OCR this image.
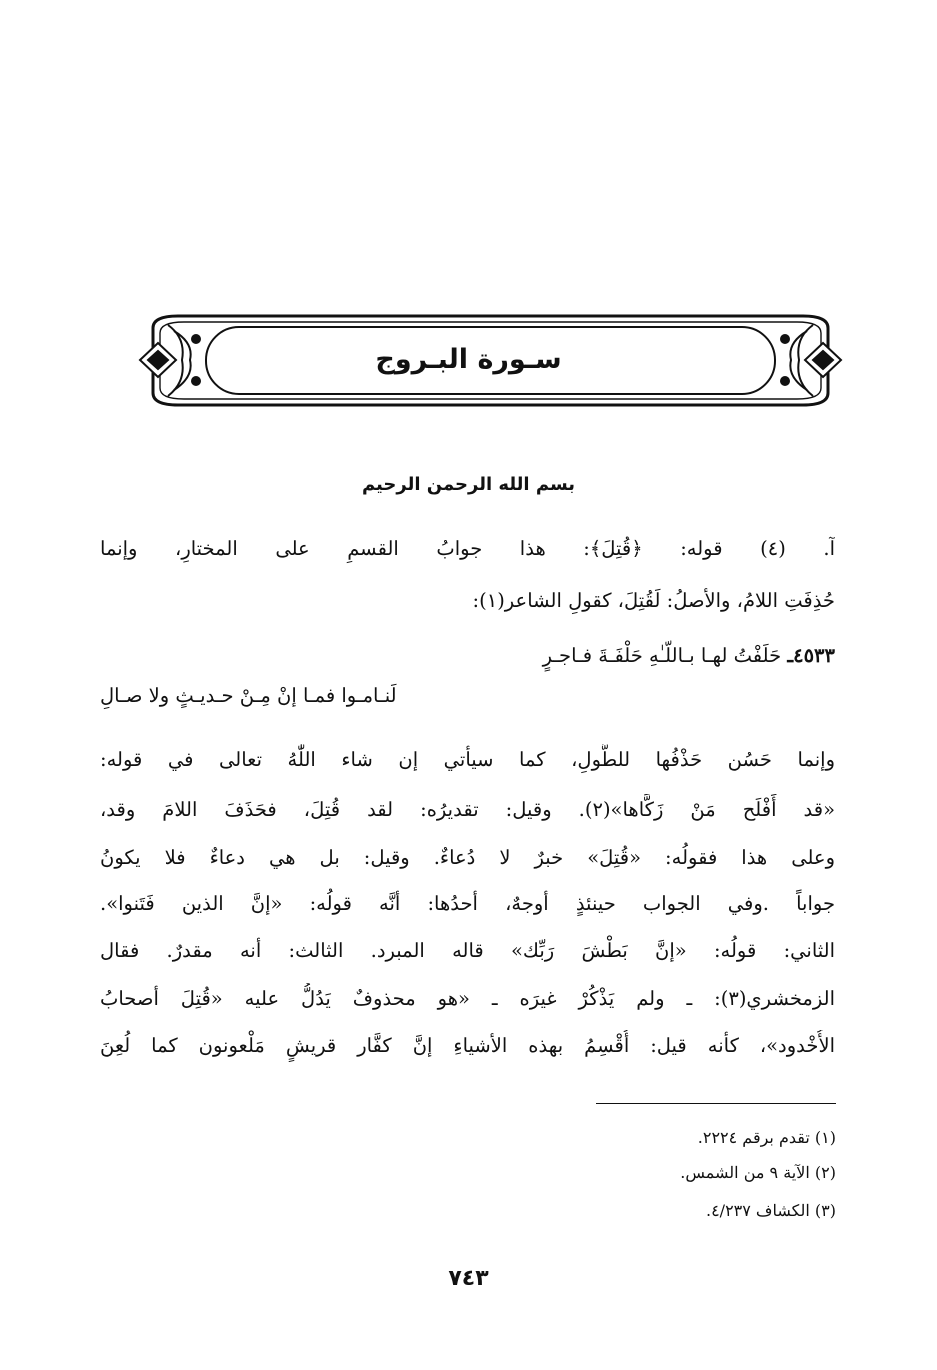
سـورة البـروج
بسم الله الرحمن الرحيم
آ. (٤) قوله: ﴿قُتِلَ﴾: هذا جوابُ القسمِ على المختارِ، وإنما
حُذِفَتِ اللامُ، والأصلُ: لَقُتِلَ، كقولِ الشاعر(١):
٤٥٣٣ـ حَلَفْتُ لهـا بـاللّـٰهِ حَلْفَـةَ فـاجـرٍ
لَنـامـوا فمـا إنْ مِـنْ حـديـثٍ ولا صـالِ
وإنما حَسُن حَذْفُها للطُّولِ، كما سيأتي إن شاء اللّٰهُ تعالى في قوله:
«قد أَفْلَح مَنْ زَكَّاها»(٢). وقيل: تقديرُه: لقد قُتِلَ، فحَذَفَ اللامَ وقد،
وعلى هذا فقولُه: «قُتِلَ» خبرٌ لا دُعاءٌ. وقيل: بل هي دعاءٌ فلا يكونُ
جواباً .وفي الجواب حينئذٍ أوجهٌ، أحدُها: أنَّه قولُه: «إنَّ الذين فَتَنوا».
الثاني: قولُه: «إنَّ بَطْشَ رَبِّك» قاله المبرد. الثالث: أنه مقدرٌ. فقال
الزمخشري(٣): ـ ولم يَذْكُرْ غيرَه ـ «هو محذوفٌ يَدُلُّ عليه «قُتِلَ أصحابُ
الأُخْدود»، كأنه قيل: أُقْسِمُ بهذه الأشياءِ إنَّ كفَّار قريشٍ مَلْعونون كما لُعِنَ
(١) تقدم برقم ٢٢٢٤.
(٢) الآية ٩ من الشمس.
(٣) الكشاف ٤/٢٣٧.
٧٤٣
